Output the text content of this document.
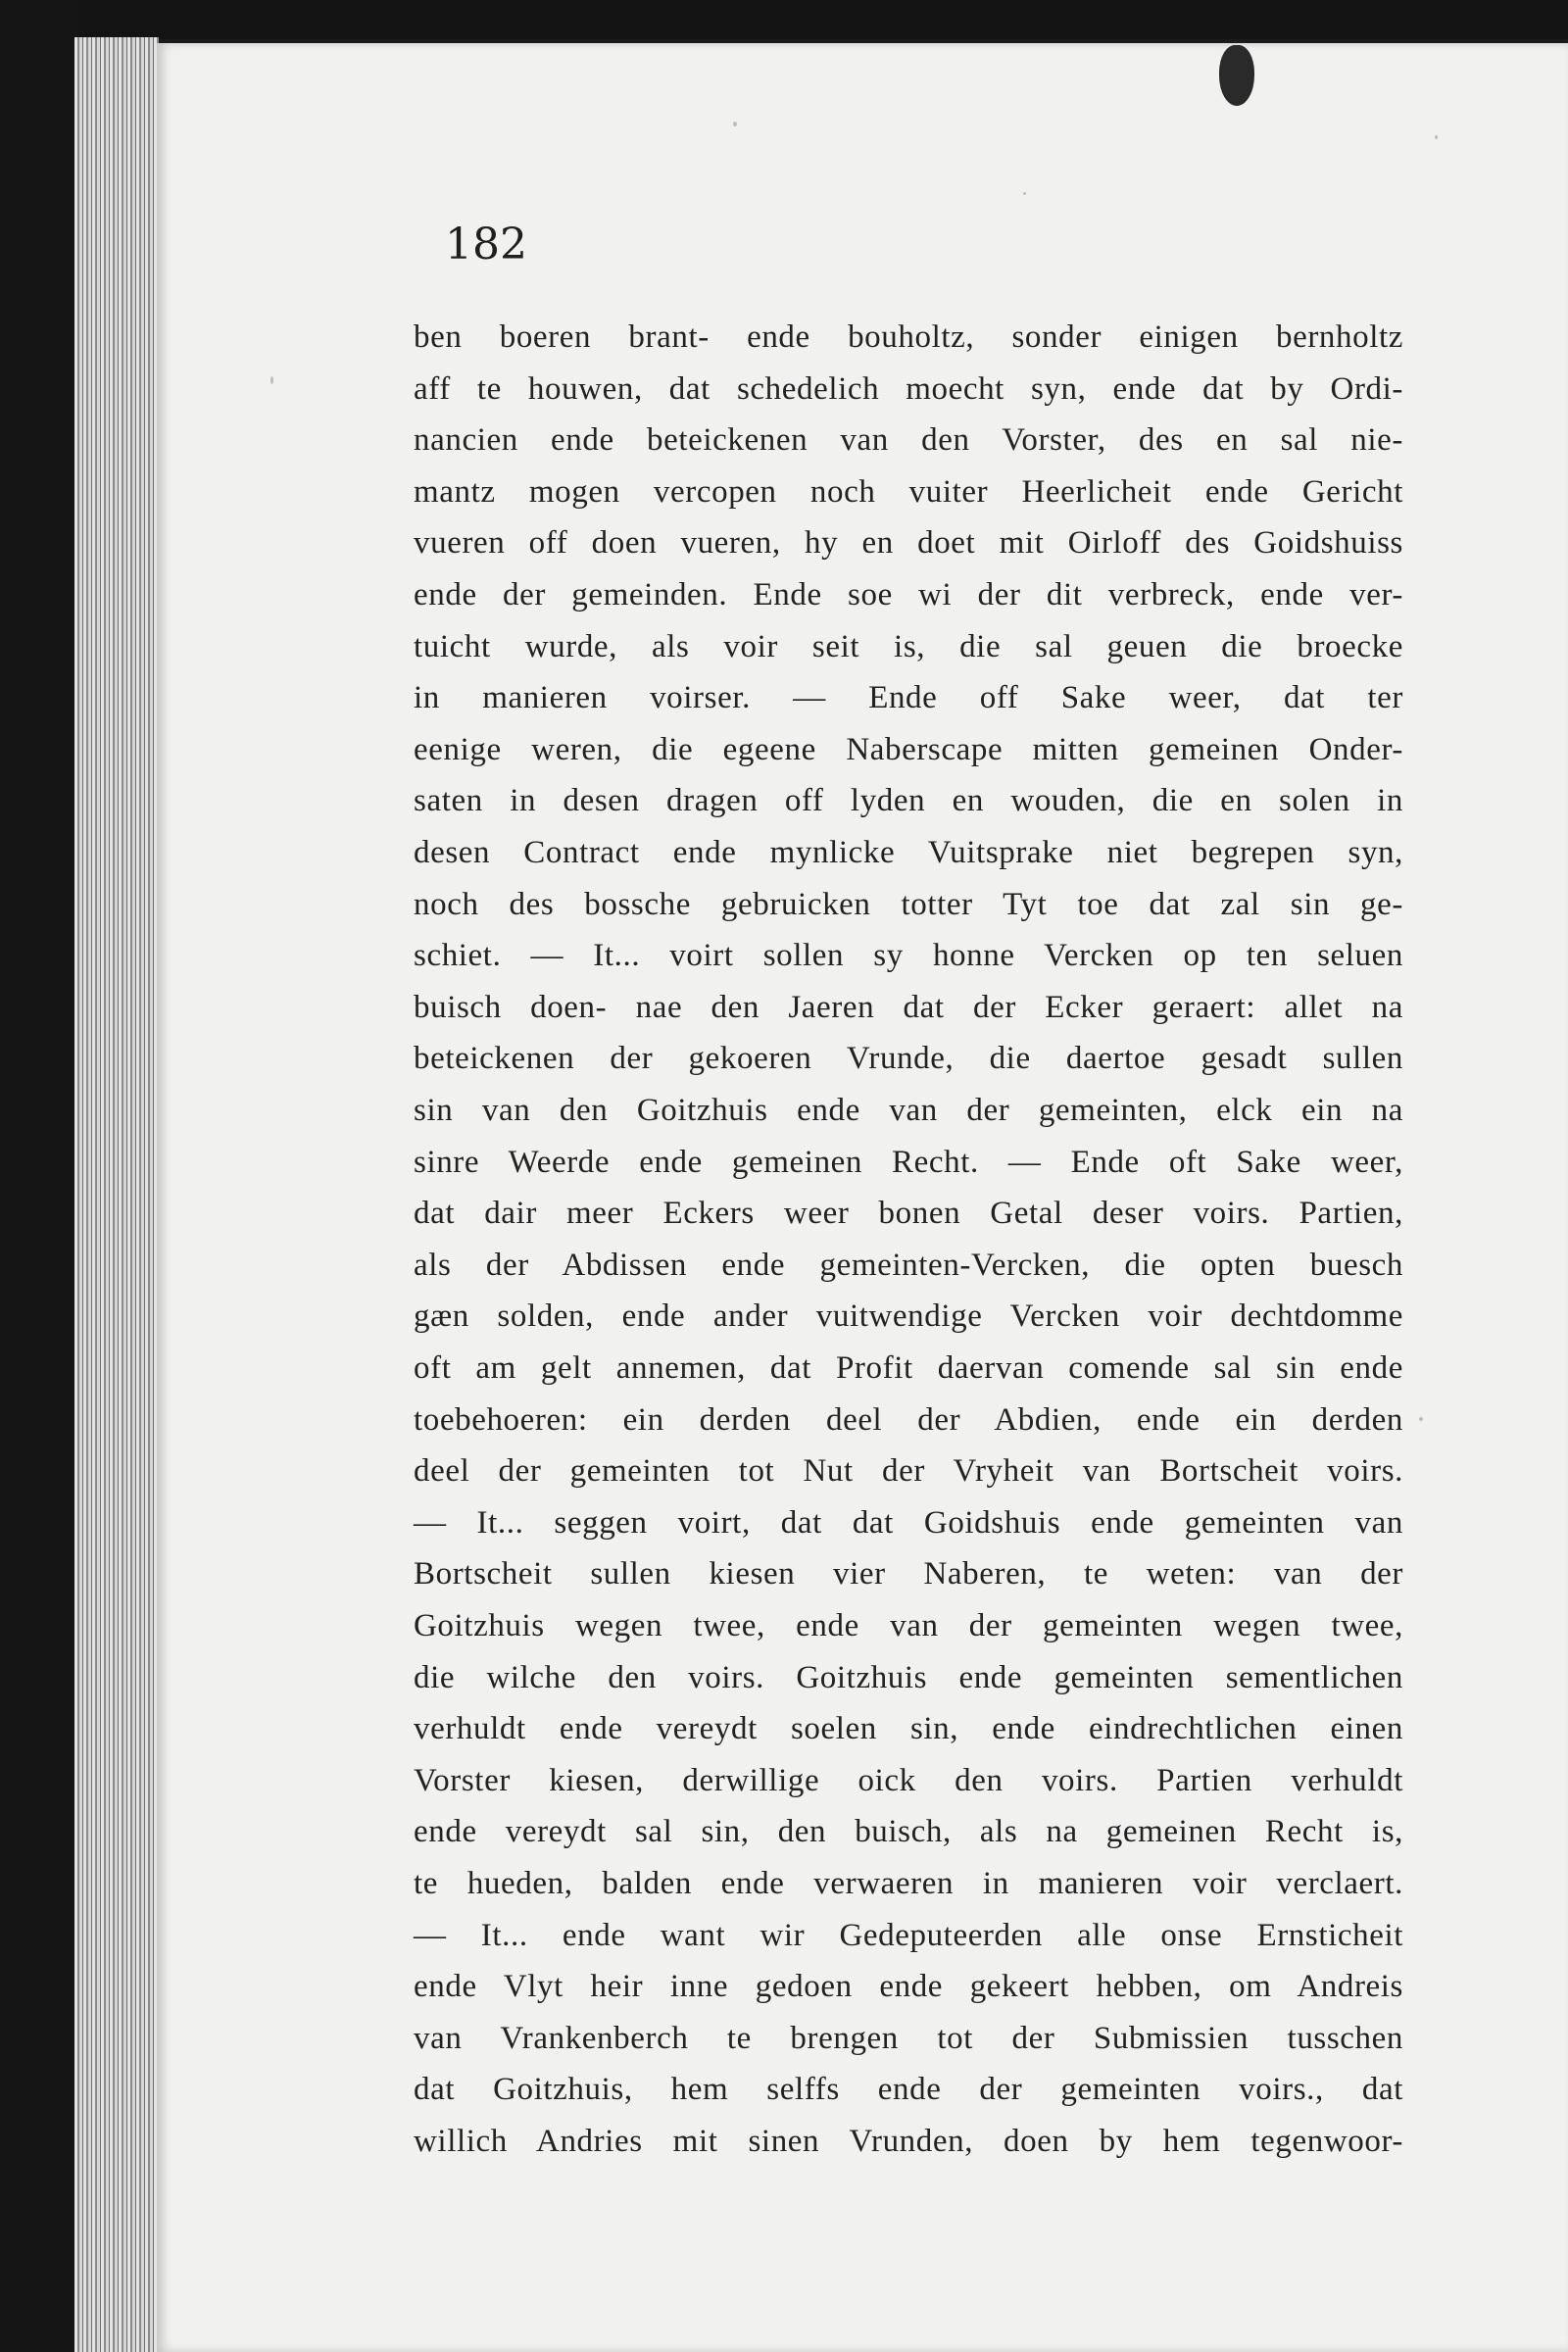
182
ben boeren brant- ende bouholtz, sonder einigen bernholtz
aff te houwen, dat schedelich moecht syn, ende dat by Ordi-
nancien ende beteickenen van den Vorster, des en sal nie-
mantz mogen vercopen noch vuiter Heerlicheit ende Gericht
vueren off doen vueren, hy en doet mit Oirloff des Goidshuiss
ende der gemeinden. Ende soe wi der dit verbreck, ende ver-
tuicht wurde, als voir seit is, die sal geuen die broecke
in manieren voirser. — Ende off Sake weer, dat ter
eenige weren, die egeene Naberscape mitten gemeinen Onder-
saten in desen dragen off lyden en wouden, die en solen in
desen Contract ende mynlicke Vuitsprake niet begrepen syn,
noch des bossche gebruicken totter Tyt toe dat zal sin ge-
schiet. — It... voirt sollen sy honne Vercken op ten seluen
buisch doen- nae den Jaeren dat der Ecker geraert: allet na
beteickenen der gekoeren Vrunde, die daertoe gesadt sullen
sin van den Goitzhuis ende van der gemeinten, elck ein na
sinre Weerde ende gemeinen Recht. — Ende oft Sake weer,
dat dair meer Eckers weer bonen Getal deser voirs. Partien,
als der Abdissen ende gemeinten-Vercken, die opten buesch
gæn solden, ende ander vuitwendige Vercken voir dechtdomme
oft am gelt annemen, dat Profit daervan comende sal sin ende
toebehoeren: ein derden deel der Abdien, ende ein derden
deel der gemeinten tot Nut der Vryheit van Bortscheit voirs.
— It... seggen voirt, dat dat Goidshuis ende gemeinten van
Bortscheit sullen kiesen vier Naberen, te weten: van der
Goitzhuis wegen twee, ende van der gemeinten wegen twee,
die wilche den voirs. Goitzhuis ende gemeinten sementlichen
verhuldt ende vereydt soelen sin, ende eindrechtlichen einen
Vorster kiesen, derwillige oick den voirs. Partien verhuldt
ende vereydt sal sin, den buisch, als na gemeinen Recht is,
te hueden, balden ende verwaeren in manieren voir verclaert.
— It... ende want wir Gedeputeerden alle onse Ernsticheit
ende Vlyt heir inne gedoen ende gekeert hebben, om Andreis
van Vrankenberch te brengen tot der Submissien tusschen
dat Goitzhuis, hem selffs ende der gemeinten voirs., dat
willich Andries mit sinen Vrunden, doen by hem tegenwoor-
